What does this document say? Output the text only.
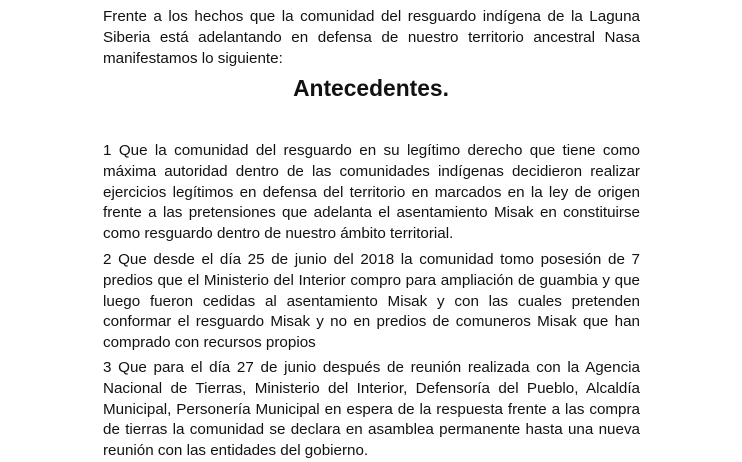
Frente a los hechos que la comunidad del resguardo indígena de la Laguna Siberia está adelantando en defensa de nuestro territorio ancestral Nasa manifestamos lo siguiente:

Antecedentes.

1 Que la comunidad del resguardo en su legítimo derecho que tiene como máxima autoridad dentro de las comunidades indígenas decidieron realizar ejercicios legítimos en defensa del territorio en marcados en la ley de origen frente a las pretensiones que adelanta el asentamiento Misak en constituirse como resguardo dentro de nuestro ámbito territorial.

2 Que desde el día 25 de junio del 2018 la comunidad tomo posesión de 7 predios que el Ministerio del Interior compro para ampliación de guambia y que luego fueron cedidas al asentamiento Misak y con las cuales pretenden conformar el resguardo Misak y no en predios de comuneros Misak que han comprado con recursos propios

3 Que para el día 27 de junio después de reunión realizada con la Agencia Nacional de Tierras, Ministerio del Interior, Defensoría del Pueblo, Alcaldía Municipal, Personería Municipal en espera de la respuesta frente a las compra de tierras la comunidad se declara en asamblea permanente hasta una nueva reunión con las entidades del gobierno.
